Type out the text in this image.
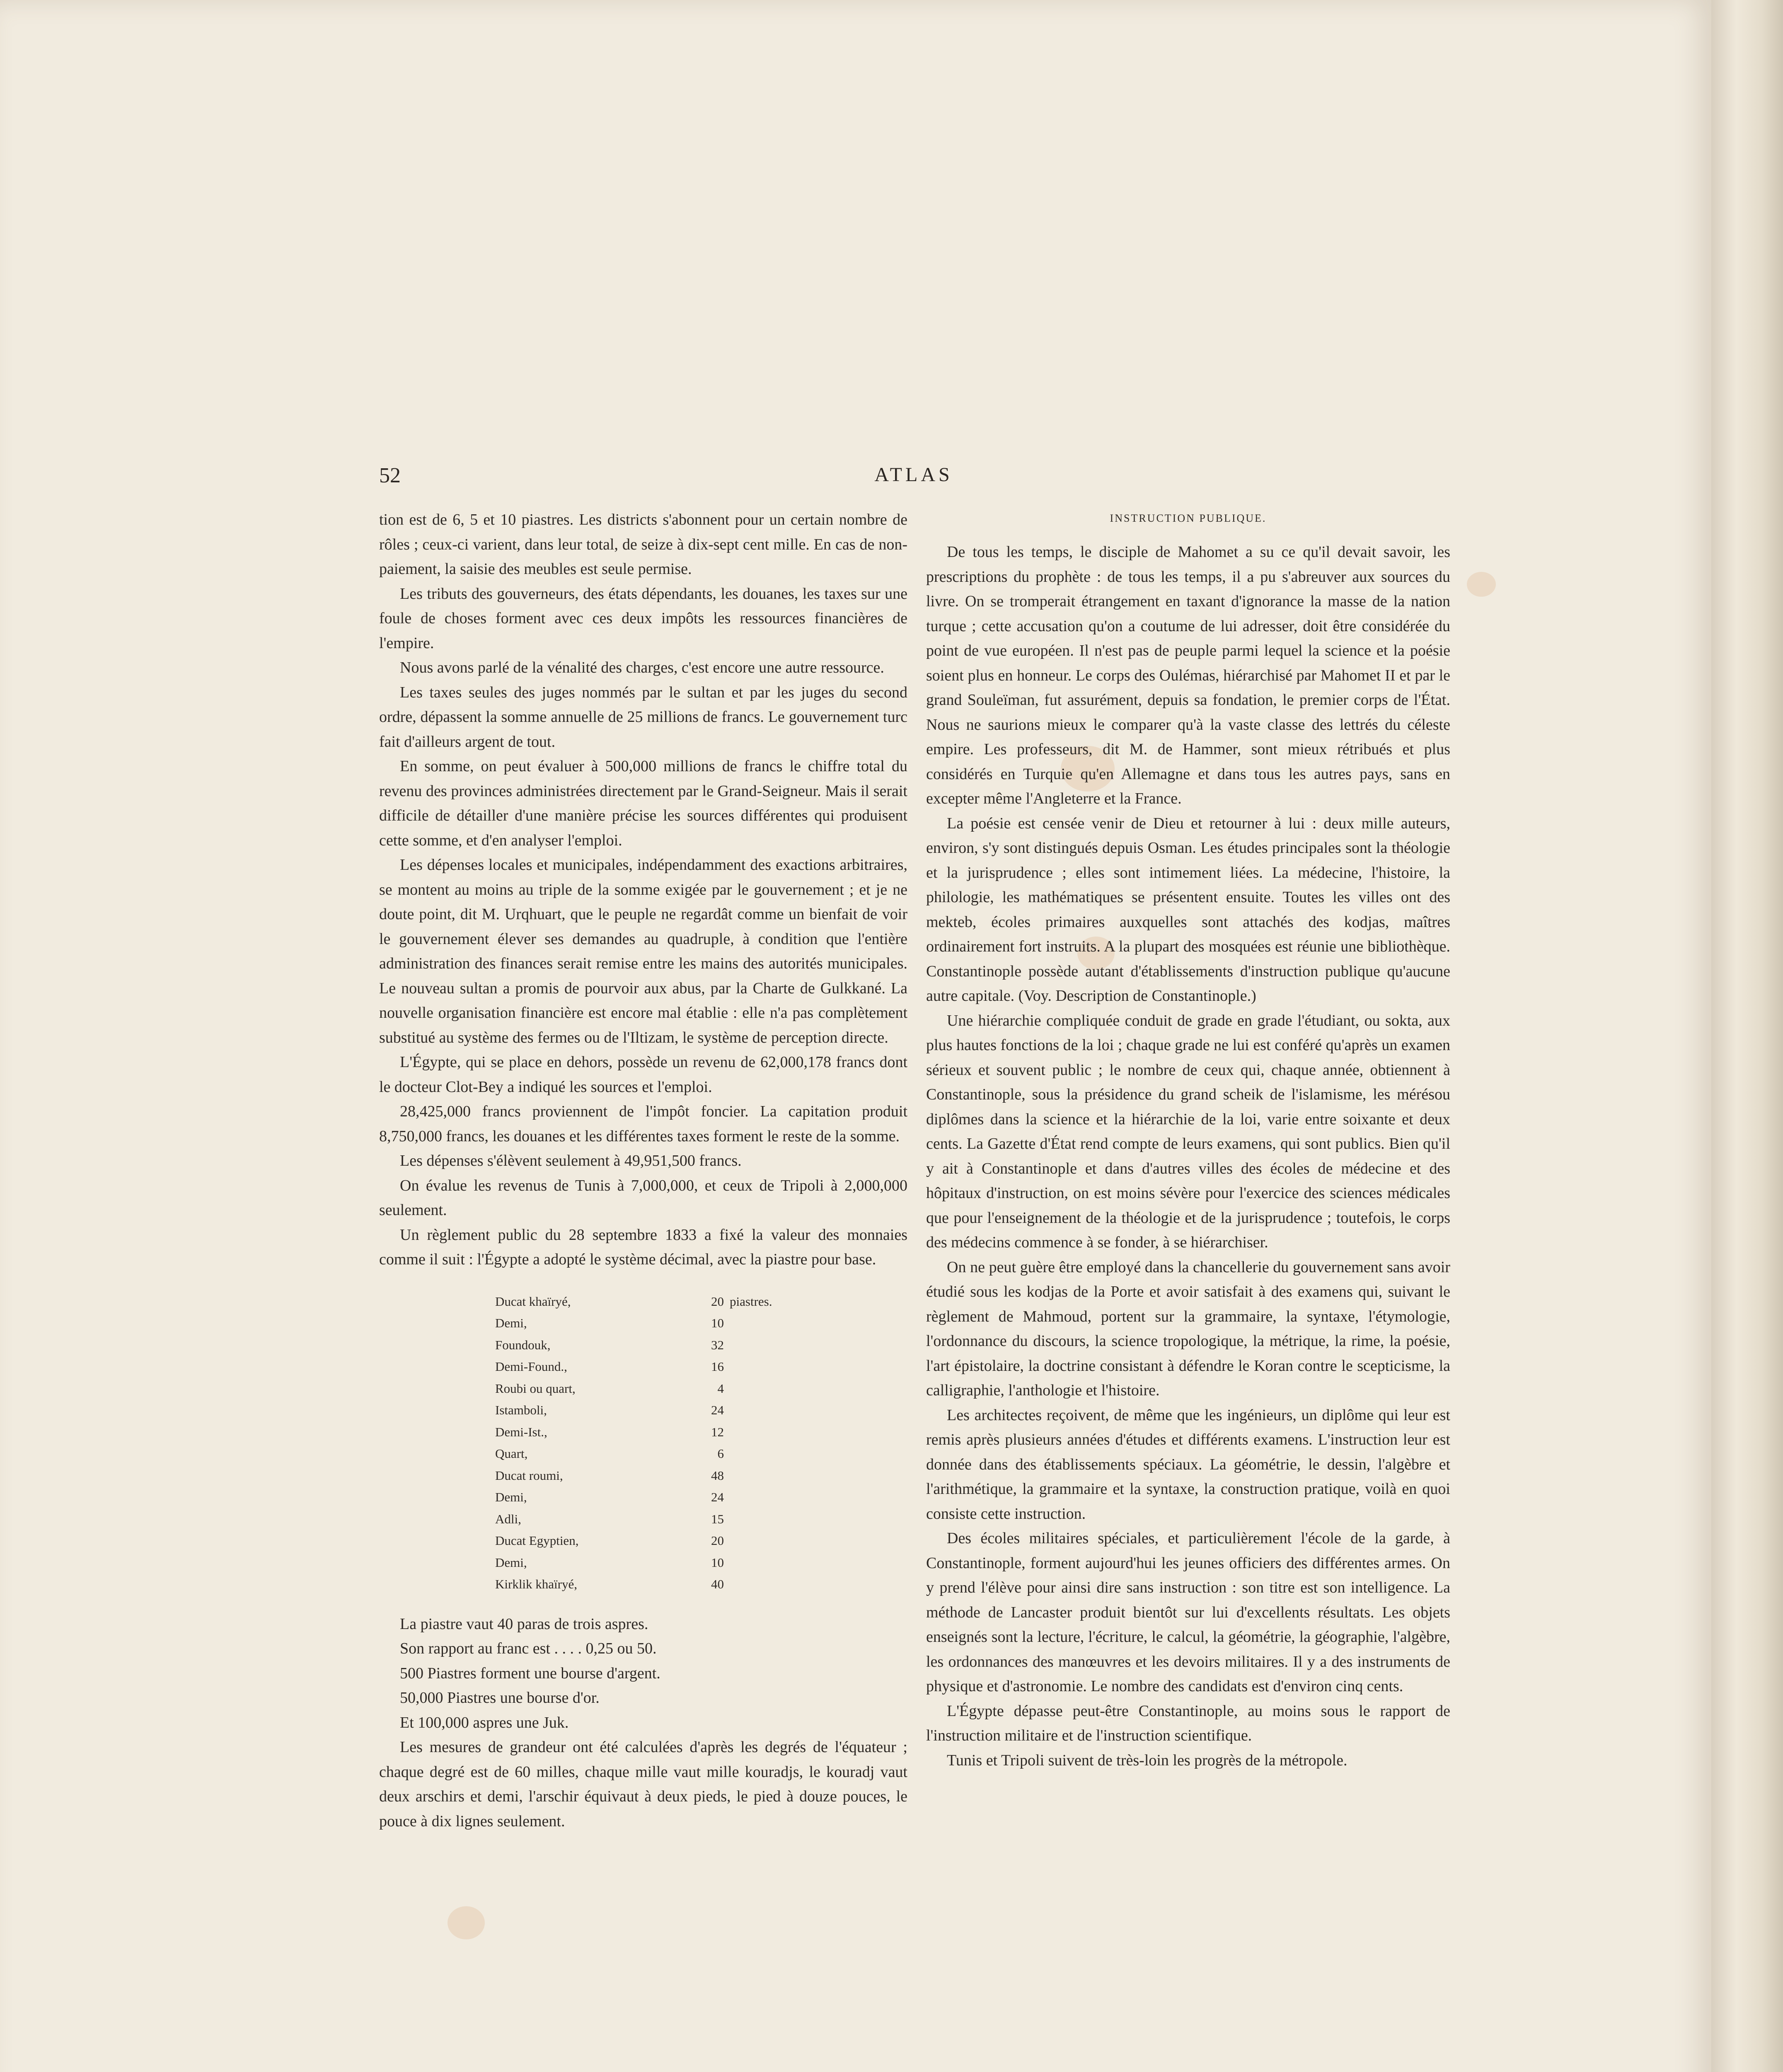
52	ATLAS

tion est de 6, 5 et 10 piastres. Les districts s'abonnent pour un certain nombre de rôles ; ceux-ci varient, dans leur total, de seize à dix-sept cent mille. En cas de non-paiement, la saisie des meubles est seule permise.

Les tributs des gouverneurs, des états dépendants, les douanes, les taxes sur une foule de choses forment avec ces deux impôts les ressources financières de l'empire.

Nous avons parlé de la vénalité des charges, c'est encore une autre ressource.

Les taxes seules des juges nommés par le sultan et par les juges du second ordre, dépassent la somme annuelle de 25 millions de francs. Le gouvernement turc fait d'ailleurs argent de tout.

En somme, on peut évaluer à 500,000 millions de francs le chiffre total du revenu des provinces administrées directement par le Grand-Seigneur. Mais il serait difficile de détailler d'une manière précise les sources différentes qui produisent cette somme, et d'en analyser l'emploi.

Les dépenses locales et municipales, indépendamment des exactions arbitraires, se montent au moins au triple de la somme exigée par le gouvernement ; et je ne doute point, dit M. Urqhuart, que le peuple ne regardât comme un bienfait de voir le gouvernement élever ses demandes au quadruple, à condition que l'entière administration des finances serait remise entre les mains des autorités municipales. Le nouveau sultan a promis de pourvoir aux abus, par la Charte de Gulkkané. La nouvelle organisation financière est encore mal établie : elle n'a pas complètement substitué au système des fermes ou de l'Iltizam, le système de perception directe.

L'Égypte, qui se place en dehors, possède un revenu de 62,000,178 francs dont le docteur Clot-Bey a indiqué les sources et l'emploi.

28,425,000 francs proviennent de l'impôt foncier. La capitation produit 8,750,000 francs, les douanes et les différentes taxes forment le reste de la somme.

Les dépenses s'élèvent seulement à 49,951,500 francs.

On évalue les revenus de Tunis à 7,000,000, et ceux de Tripoli à 2,000,000 seulement.

Un règlement public du 28 septembre 1833 a fixé la valeur des monnaies comme il suit : l'Égypte a adopté le système décimal, avec la piastre pour base.

Ducat khaïryé,	20	piastres.
Demi,	10	
Foundouk,	32	
Demi-Found.,	16	
Roubi ou quart,	4	
Istamboli,	24	
Demi-Ist.,	12	
Quart,	6	
Ducat roumi,	48	
Demi,	24	
Adli,	15	
Ducat Egyptien,	20	
Demi,	10	
Kirklik khaïryé,	40	

La piastre vaut 40 paras de trois aspres.

Son rapport au franc est . . . . 0,25 ou 50.

500 Piastres forment une bourse d'argent.

50,000 Piastres une bourse d'or.

Et 100,000 aspres une Juk.

Les mesures de grandeur ont été calculées d'après les degrés de l'équateur ; chaque degré est de 60 milles, chaque mille vaut mille kouradjs, le kouradj vaut deux arschirs et demi, l'arschir équivaut à deux pieds, le pied à douze pouces, le pouce à dix lignes seulement.

INSTRUCTION PUBLIQUE.

De tous les temps, le disciple de Mahomet a su ce qu'il devait savoir, les prescriptions du prophète : de tous les temps, il a pu s'abreuver aux sources du livre. On se tromperait étrangement en taxant d'ignorance la masse de la nation turque ; cette accusation qu'on a coutume de lui adresser, doit être considérée du point de vue européen. Il n'est pas de peuple parmi lequel la science et la poésie soient plus en honneur. Le corps des Oulémas, hiérarchisé par Mahomet II et par le grand Souleïman, fut assurément, depuis sa fondation, le premier corps de l'État. Nous ne saurions mieux le comparer qu'à la vaste classe des lettrés du céleste empire. Les professeurs, dit M. de Hammer, sont mieux rétribués et plus considérés en Turquie qu'en Allemagne et dans tous les autres pays, sans en excepter même l'Angleterre et la France.

La poésie est censée venir de Dieu et retourner à lui : deux mille auteurs, environ, s'y sont distingués depuis Osman. Les études principales sont la théologie et la jurisprudence ; elles sont intimement liées. La médecine, l'histoire, la philologie, les mathématiques se présentent ensuite. Toutes les villes ont des mekteb, écoles primaires auxquelles sont attachés des kodjas, maîtres ordinairement fort instruits. A la plupart des mosquées est réunie une bibliothèque. Constantinople possède autant d'établissements d'instruction publique qu'aucune autre capitale. (Voy. Description de Constantinople.)

Une hiérarchie compliquée conduit de grade en grade l'étudiant, ou sokta, aux plus hautes fonctions de la loi ; chaque grade ne lui est conféré qu'après un examen sérieux et souvent public ; le nombre de ceux qui, chaque année, obtiennent à Constantinople, sous la présidence du grand scheik de l'islamisme, les mérésou diplômes dans la science et la hiérarchie de la loi, varie entre soixante et deux cents. La Gazette d'État rend compte de leurs examens, qui sont publics. Bien qu'il y ait à Constantinople et dans d'autres villes des écoles de médecine et des hôpitaux d'instruction, on est moins sévère pour l'exercice des sciences médicales que pour l'enseignement de la théologie et de la jurisprudence ; toutefois, le corps des médecins commence à se fonder, à se hiérarchiser.

On ne peut guère être employé dans la chancellerie du gouvernement sans avoir étudié sous les kodjas de la Porte et avoir satisfait à des examens qui, suivant le règlement de Mahmoud, portent sur la grammaire, la syntaxe, l'étymologie, l'ordonnance du discours, la science tropologique, la métrique, la rime, la poésie, l'art épistolaire, la doctrine consistant à défendre le Koran contre le scepticisme, la calligraphie, l'anthologie et l'histoire.

Les architectes reçoivent, de même que les ingénieurs, un diplôme qui leur est remis après plusieurs années d'études et différents examens. L'instruction leur est donnée dans des établissements spéciaux. La géométrie, le dessin, l'algèbre et l'arithmétique, la grammaire et la syntaxe, la construction pratique, voilà en quoi consiste cette instruction.

Des écoles militaires spéciales, et particulièrement l'école de la garde, à Constantinople, forment aujourd'hui les jeunes officiers des différentes armes. On y prend l'élève pour ainsi dire sans instruction : son titre est son intelligence. La méthode de Lancaster produit bientôt sur lui d'excellents résultats. Les objets enseignés sont la lecture, l'écriture, le calcul, la géométrie, la géographie, l'algèbre, les ordonnances des manœuvres et les devoirs militaires. Il y a des instruments de physique et d'astronomie. Le nombre des candidats est d'environ cinq cents.

L'Égypte dépasse peut-être Constantinople, au moins sous le rapport de l'instruction militaire et de l'instruction scientifique.

Tunis et Tripoli suivent de très-loin les progrès de la métropole.
